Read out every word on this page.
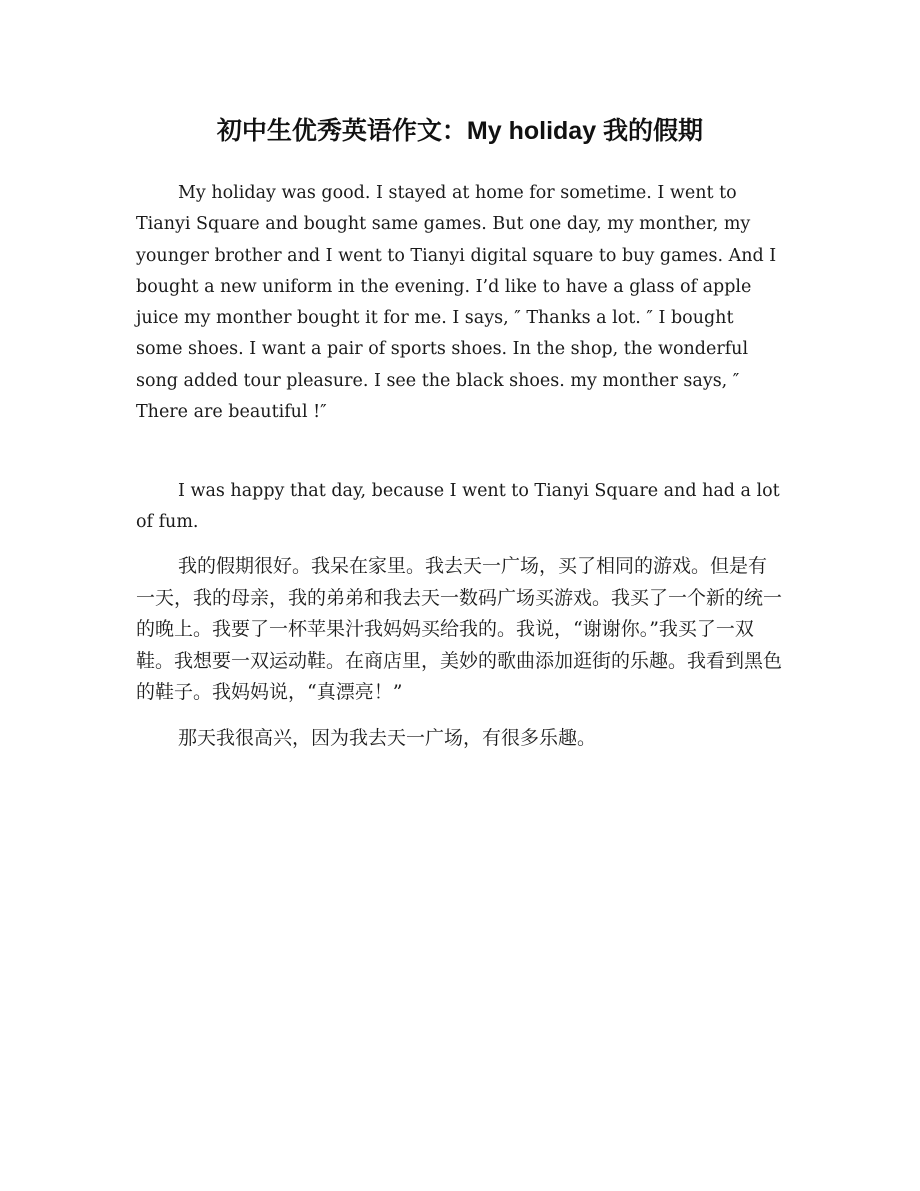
初中生优秀英语作文：My holiday 我的假期

My holiday was good. I stayed at home for sometime. I went to Tianyi Square and bought same games. But one day, my monther, my younger brother and I went to Tianyi digital square to buy games. And I bought a new uniform in the evening. I’d like to have a glass of apple juice my monther bought it for me. I says, ″ Thanks a lot. ″ I bought some shoes. I want a pair of sports shoes. In the shop, the wonderful song added tour pleasure. I see the black shoes. my monther says, ″ There are beautiful !″

I was happy that day, because I went to Tianyi Square and had a lot of fum.

我的假期很好。我呆在家里。我去天一广场，买了相同的游戏。但是有一天，我的母亲，我的弟弟和我去天一数码广场买游戏。我买了一个新的统一的晚上。我要了一杯苹果汁我妈妈买给我的。我说，“谢谢你。”我买了一双鞋。我想要一双运动鞋。在商店里，美妙的歌曲添加逛街的乐趣。我看到黑色的鞋子。我妈妈说，“真漂亮！”

那天我很高兴，因为我去天一广场，有很多乐趣。
